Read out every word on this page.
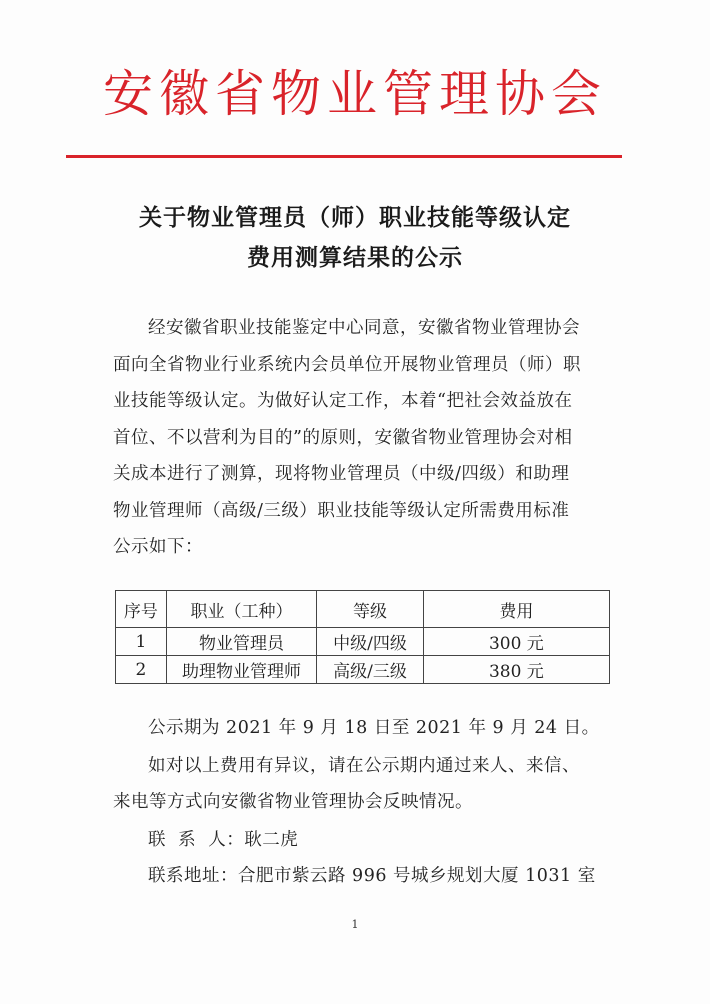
安徽省物业管理协会
关于物业管理员（师）职业技能等级认定
费用测算结果的公示
经安徽省职业技能鉴定中心同意，安徽省物业管理协会
面向全省物业行业系统内会员单位开展物业管理员（师）职
业技能等级认定。为做好认定工作，本着“把社会效益放在
首位、不以营利为目的”的原则，安徽省物业管理协会对相
关成本进行了测算，现将物业管理员（中级/四级）和助理
物业管理师（高级/三级）职业技能等级认定所需费用标准
公示如下：
序号	职业（工种）	等级	费用
1	物业管理员	中级/四级	300 元
2	助理物业管理师	高级/三级	380 元
公示期为 2021 年 9 月 18 日至 2021 年 9 月 24 日。
如对以上费用有异议，请在公示期内通过来人、来信、
来电等方式向安徽省物业管理协会反映情况。
联  系  人：耿二虎
联系地址：合肥市紫云路 996 号城乡规划大厦 1031 室
1
